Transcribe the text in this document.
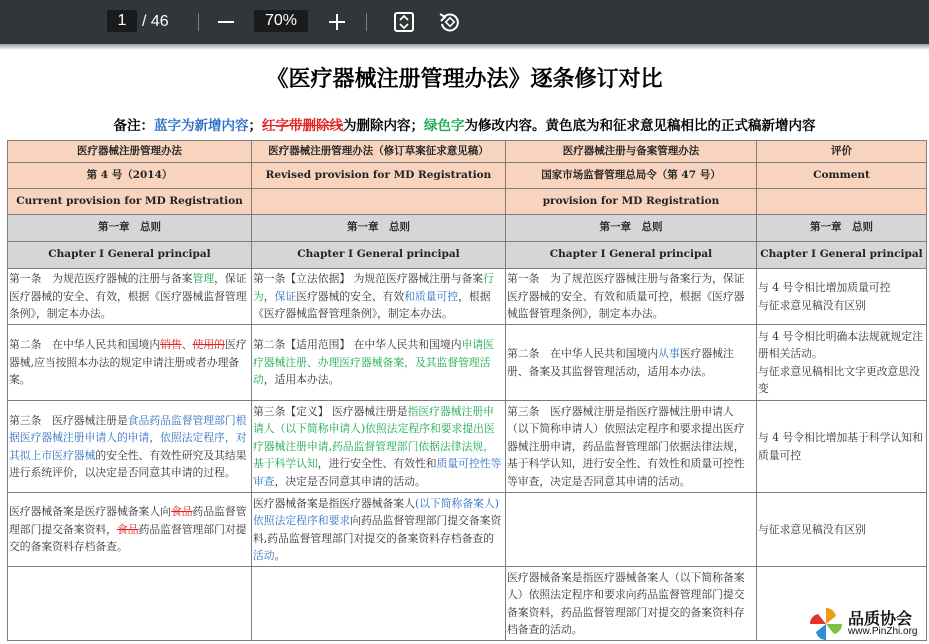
1 / 46	70%
《医疗器械注册管理办法》逐条修订对比
备注：蓝字为新增内容；红字带删除线为删除内容；绿色字为修改内容。黄色底为和征求意见稿相比的正式稿新增内容
医疗器械注册管理办法	医疗器械注册管理办法（修订草案征求意见稿）	医疗器械注册与备案管理办法	评价
第 4 号（2014）	Revised provision for MD Registration	国家市场监督管理总局令（第 47 号）	Comment
Current provision for MD Registration		provision for MD Registration	
第一章　总则	第一章　总则	第一章　总则	第一章　总则
Chapter Ⅰ General principal	Chapter Ⅰ General principal	Chapter Ⅰ General principal	Chapter Ⅰ General principal
第一条　为规范医疗器械的注册与备案管理，保证医疗器械的安全、有效，根据《医疗器械监督管理条例》，制定本办法。	第一条【立法依据】 为规范医疗器械注册与备案行为，保证医疗器械的安全、有效和质量可控，根据《医疗器械监督管理条例》，制定本办法。	第一条　为了规范医疗器械注册与备案行为，保证医疗器械的安全、有效和质量可控，根据《医疗器械监督管理条例》，制定本办法。	与 4 号令相比增加质量可控
与征求意见稿没有区别

第二条　在中华人民共和国境内销售、使用的医疗器械,应当按照本办法的规定申请注册或者办理备案。	第二条【适用范围】 在中华人民共和国境内申请医疗器械注册、办理医疗器械备案，及其监督管理活动，适用本办法。	第二条　在中华人民共和国境内从事医疗器械注册、备案及其监督管理活动，适用本办法。	与 4 号令相比明确本法规就规定注册相关活动。
与征求意见稿相比文字更改意思没变

第三条　医疗器械注册是食品药品监督管理部门根据医疗器械注册申请人的申请，依照法定程序，对其拟上市医疗器械的安全性、有效性研究及其结果进行系统评价，以决定是否同意其申请的过程。	第三条【定义】 医疗器械注册是指医疗器械注册申请人（以下简称申请人)依照法定程序和要求提出医疗器械注册申请,药品监督管理部门依据法律法规，基于科学认知，进行安全性、有效性和质量可控性等审查，决定是否同意其申请的活动。	第三条　医疗器械注册是指医疗器械注册申请人（以下简称申请人）依照法定程序和要求提出医疗器械注册申请，药品监督管理部门依据法律法规，基于科学认知，进行安全性、有效性和质量可控性等审查，决定是否同意其申请的活动。	与 4 号令相比增加基于科学认知和质量可控
医疗器械备案是医疗器械备案人向食品药品监督管理部门提交备案资料，食品药品监督管理部门对提交的备案资料存档备查。	医疗器械备案是指医疗器械备案人(以下简称备案人)依照法定程序和要求向药品监督管理部门提交备案资料,药品监督管理部门对提交的备案资料存档备查的活动。		与征求意见稿没有区别
		医疗器械备案是指医疗器械备案人（以下简称备案人）依照法定程序和要求向药品监督管理部门提交备案资料，药品监督管理部门对提交的备案资料存档备查的活动。	
品质协会
www.PinZhi.org
